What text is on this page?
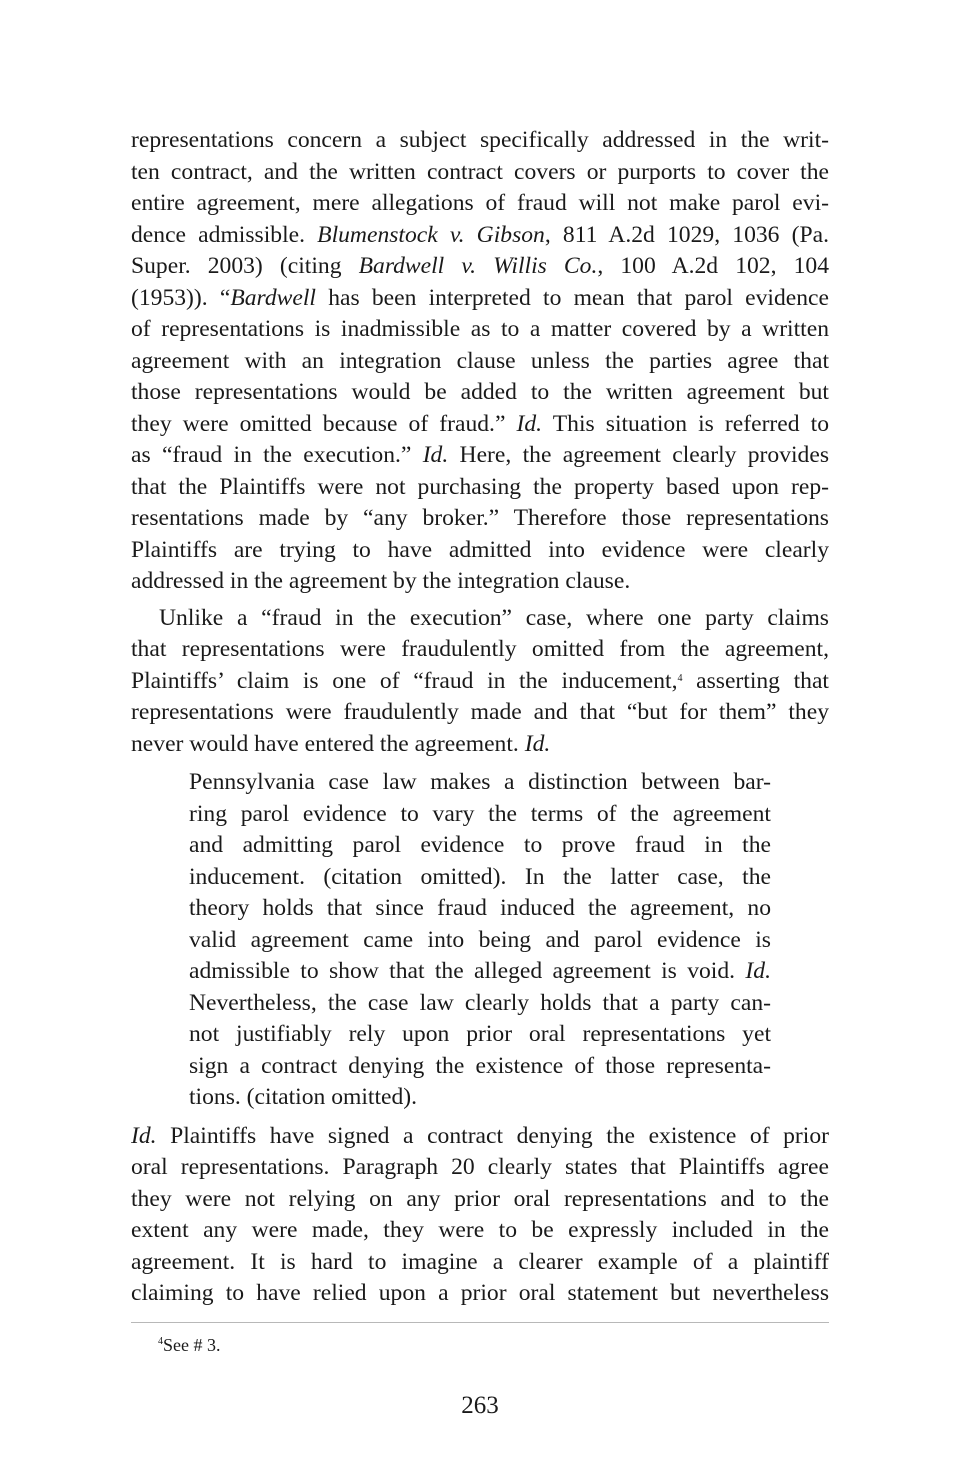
representations concern a subject specifically addressed in the writ-
ten contract, and the written contract covers or purports to cover the
entire agreement, mere allegations of fraud will not make parol evi-
dence admissible. Blumenstock v. Gibson, 811 A.2d 1029, 1036 (Pa.
Super. 2003) (citing Bardwell v. Willis Co., 100 A.2d 102, 104
(1953)). “Bardwell has been interpreted to mean that parol evidence
of representations is inadmissible as to a matter covered by a written
agreement with an integration clause unless the parties agree that
those representations would be added to the written agreement but
they were omitted because of fraud.” Id. This situation is referred to
as “fraud in the execution.” Id. Here, the agreement clearly provides
that the Plaintiffs were not purchasing the property based upon rep-
resentations made by “any broker.” Therefore those representations
Plaintiffs are trying to have admitted into evidence were clearly
addressed in the agreement by the integration clause.
Unlike a “fraud in the execution” case, where one party claims
that representations were fraudulently omitted from the agreement,
Plaintiffs’ claim is one of “fraud in the inducement,$^4$ asserting that
representations were fraudulently made and that “but for them” they
never would have entered the agreement. Id.
Pennsylvania case law makes a distinction between bar-
ring parol evidence to vary the terms of the agreement
and admitting parol evidence to prove fraud in the
inducement. (citation omitted). In the latter case, the
theory holds that since fraud induced the agreement, no
valid agreement came into being and parol evidence is
admissible to show that the alleged agreement is void. Id.
Nevertheless, the case law clearly holds that a party can-
not justifiably rely upon prior oral representations yet
sign a contract denying the existence of those representa-
tions. (citation omitted).
Id. Plaintiffs have signed a contract denying the existence of prior
oral representations. Paragraph 20 clearly states that Plaintiffs agree
they were not relying on any prior oral representations and to the
extent any were made, they were to be expressly included in the
agreement. It is hard to imagine a clearer example of a plaintiff
claiming to have relied upon a prior oral statement but nevertheless
$^4$See # 3.
263
